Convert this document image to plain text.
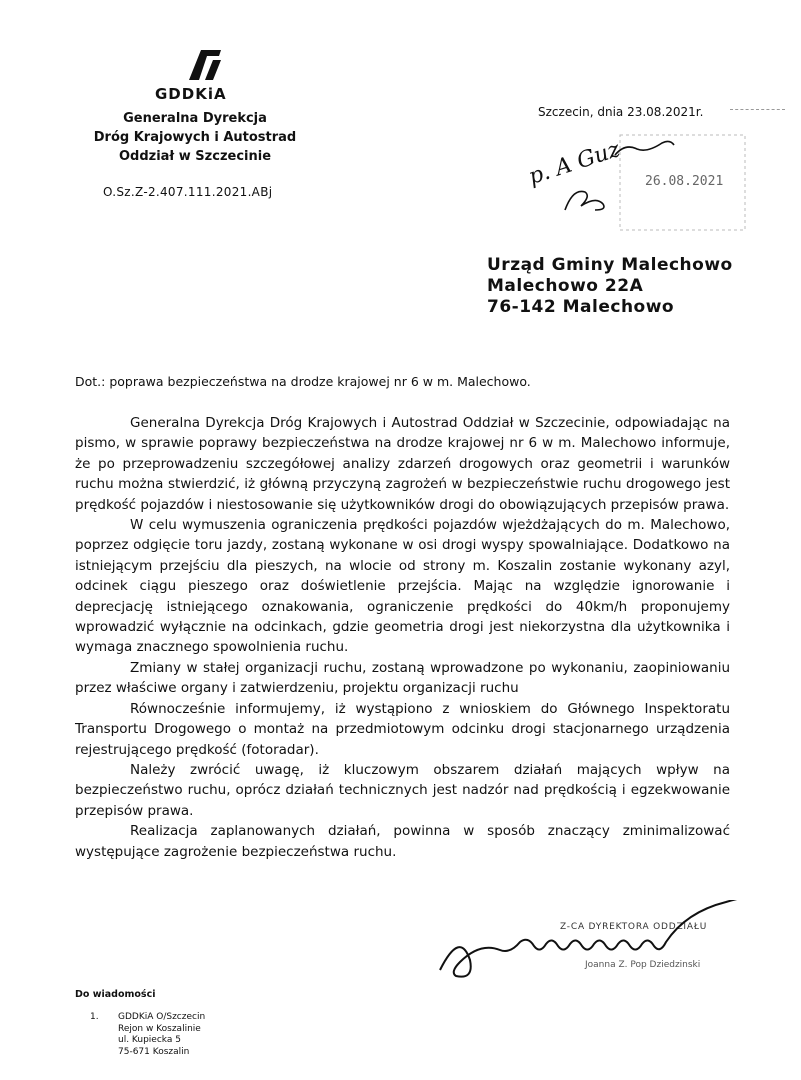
GDDKiA
Generalna Dyrekcja
Dróg Krajowych i Autostrad
Oddział w Szczecinie
O.Sz.Z-2.407.111.2021.ABj
Szczecin, dnia 23.08.2021r.
26.08.2021
p. A Guz
Urząd Gminy Malechowo
Malechowo 22A
76-142 Malechowo
Dot.: poprawa bezpieczeństwa na drodze krajowej nr 6 w m. Malechowo.

Generalna Dyrekcja Dróg Krajowych i Autostrad Oddział w Szczecinie, odpowiadając na pismo, w sprawie poprawy bezpieczeństwa na drodze krajowej nr 6 w m. Malechowo informuje, że po przeprowadzeniu szczegółowej analizy zdarzeń drogowych oraz geometrii i warunków ruchu można stwierdzić, iż główną przyczyną zagrożeń w bezpieczeństwie ruchu drogowego jest prędkość pojazdów i niestosowanie się użytkowników drogi do obowiązujących przepisów prawa.

W celu wymuszenia ograniczenia prędkości pojazdów wjeżdżających do m. Malechowo, poprzez odgięcie toru jazdy, zostaną wykonane w osi drogi wyspy spowalniające. Dodatkowo na istniejącym przejściu dla pieszych, na wlocie od strony m. Koszalin zostanie wykonany azyl, odcinek ciągu pieszego oraz doświetlenie przejścia. Mając na względzie ignorowanie i deprecjację istniejącego oznakowania, ograniczenie prędkości do 40km/h proponujemy wprowadzić wyłącznie na odcinkach, gdzie geometria drogi jest niekorzystna dla użytkownika i wymaga znacznego spowolnienia ruchu.

Zmiany w stałej organizacji ruchu, zostaną wprowadzone po wykonaniu, zaopiniowaniu przez właściwe organy i zatwierdzeniu, projektu organizacji ruchu

Równocześnie informujemy, iż wystąpiono z wnioskiem do Głównego Inspektoratu Transportu Drogowego o montaż na przedmiotowym odcinku drogi stacjonarnego urządzenia rejestrującego prędkość (fotoradar).

Należy zwrócić uwagę, iż kluczowym obszarem działań mających wpływ na bezpieczeństwo ruchu, oprócz działań technicznych jest nadzór nad prędkością i egzekwowanie przepisów prawa.

Realizacja zaplanowanych działań, powinna w sposób znaczący zminimalizować występujące zagrożenie bezpieczeństwa ruchu.

Z-CA DYREKTORA ODDZIAŁU
Joanna Z. Pop Dziedzinski
Do wiadomości
1. GDDKiA O/Szczecin
Rejon w Koszalinie
ul. Kupiecka 5
75-671 Koszalin
